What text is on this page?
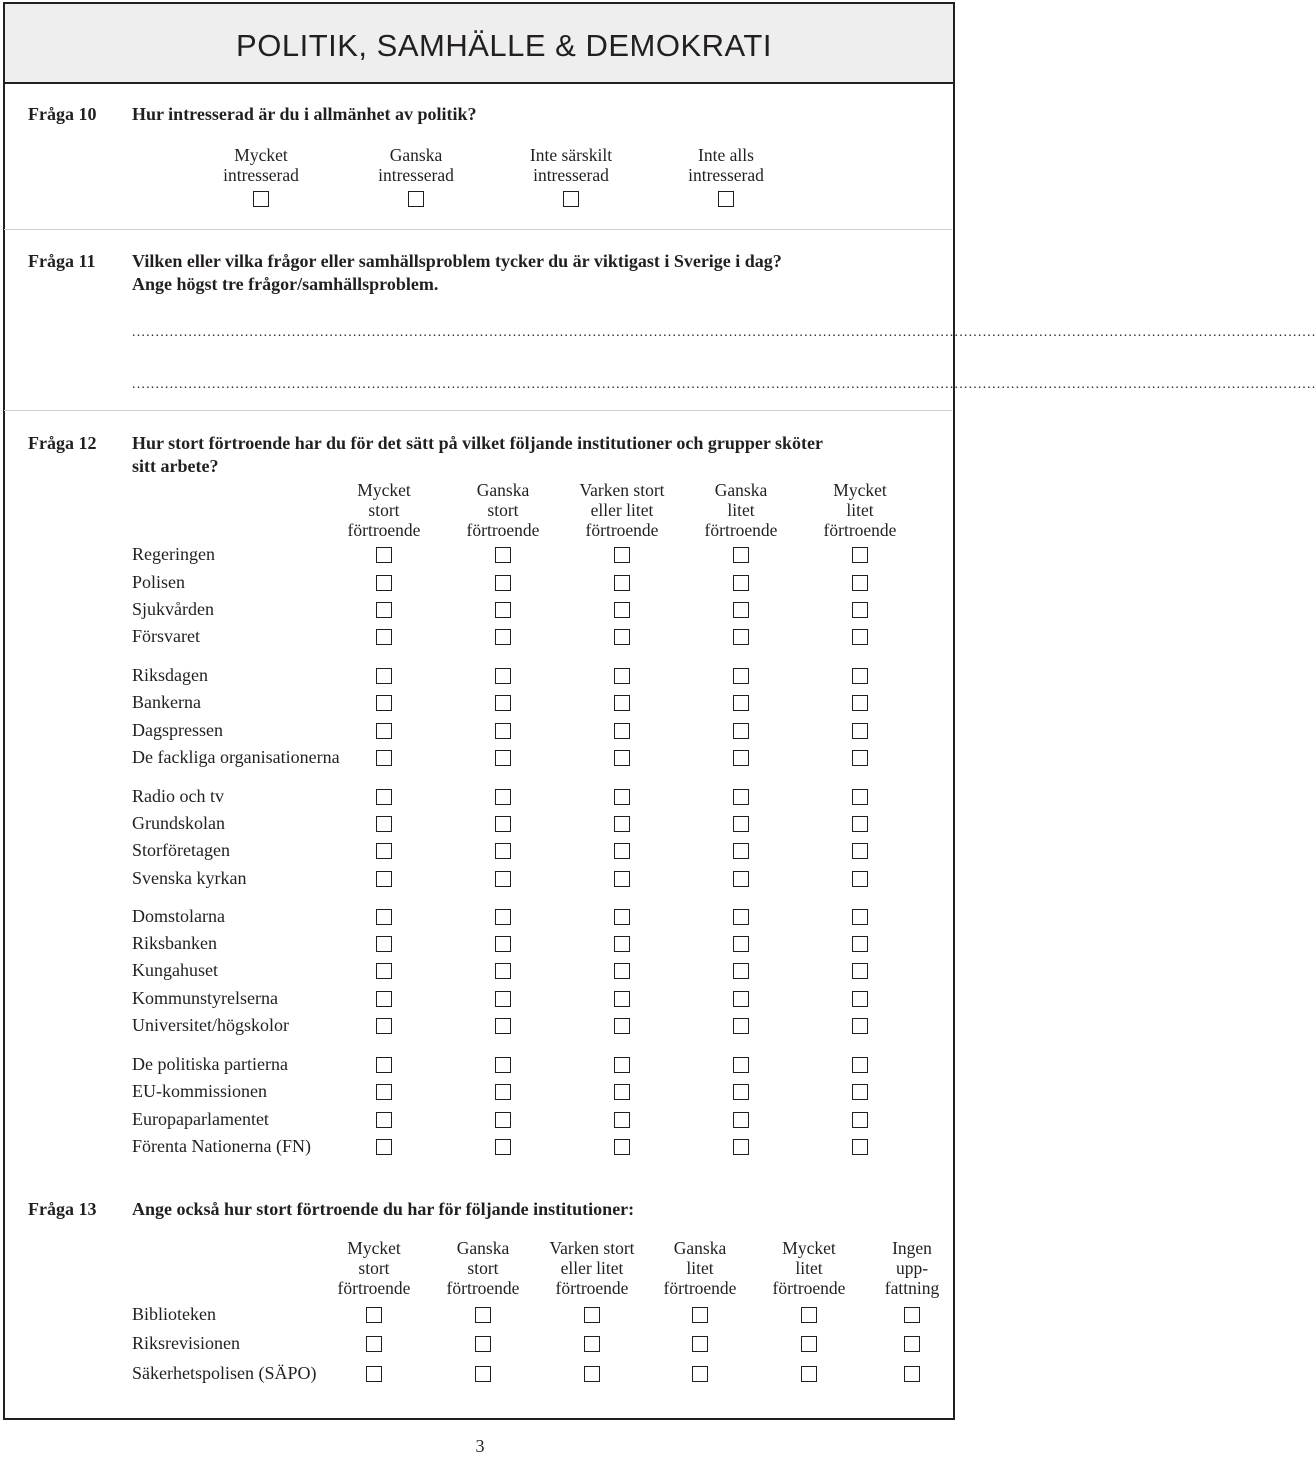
POLITIK, SAMHÄLLE & DEMOKRATI
Fråga 10 Hur intresserad är du i allmänhet av politik?
Mycket
intresserad
Ganska
intresserad
Inte särskilt
intresserad
Inte alls
intresserad
Fråga 11 Vilken eller vilka frågor eller samhällsproblem tycker du är viktigast i Sverige i dag?
Ange högst tre frågor/samhällsproblem.
............................................................................................................................................................................................................................................................
............................................................................................................................................................................................................................................................
Fråga 12 Hur stort förtroende har du för det sätt på vilket följande institutioner och grupper sköter
sitt arbete?
Mycket
stort
förtroende
Ganska
stort
förtroende
Varken stort
eller litet
förtroende
Ganska
litet
förtroende
Mycket
litet
förtroende
Regeringen
Polisen
Sjukvården
Försvaret
Riksdagen
Bankerna
Dagspressen
De fackliga organisationerna
Radio och tv
Grundskolan
Storföretagen
Svenska kyrkan
Domstolarna
Riksbanken
Kungahuset
Kommunstyrelserna
Universitet/högskolor
De politiska partierna
EU-kommissionen
Europaparlamentet
Förenta Nationerna (FN)
Fråga 13 Ange också hur stort förtroende du har för följande institutioner:
Mycket
stort
förtroende
Ganska
stort
förtroende
Varken stort
eller litet
förtroende
Ganska
litet
förtroende
Mycket
litet
förtroende
Ingen
upp-
fattning
Biblioteken
Riksrevisionen
Säkerhetspolisen (SÄPO)
3
